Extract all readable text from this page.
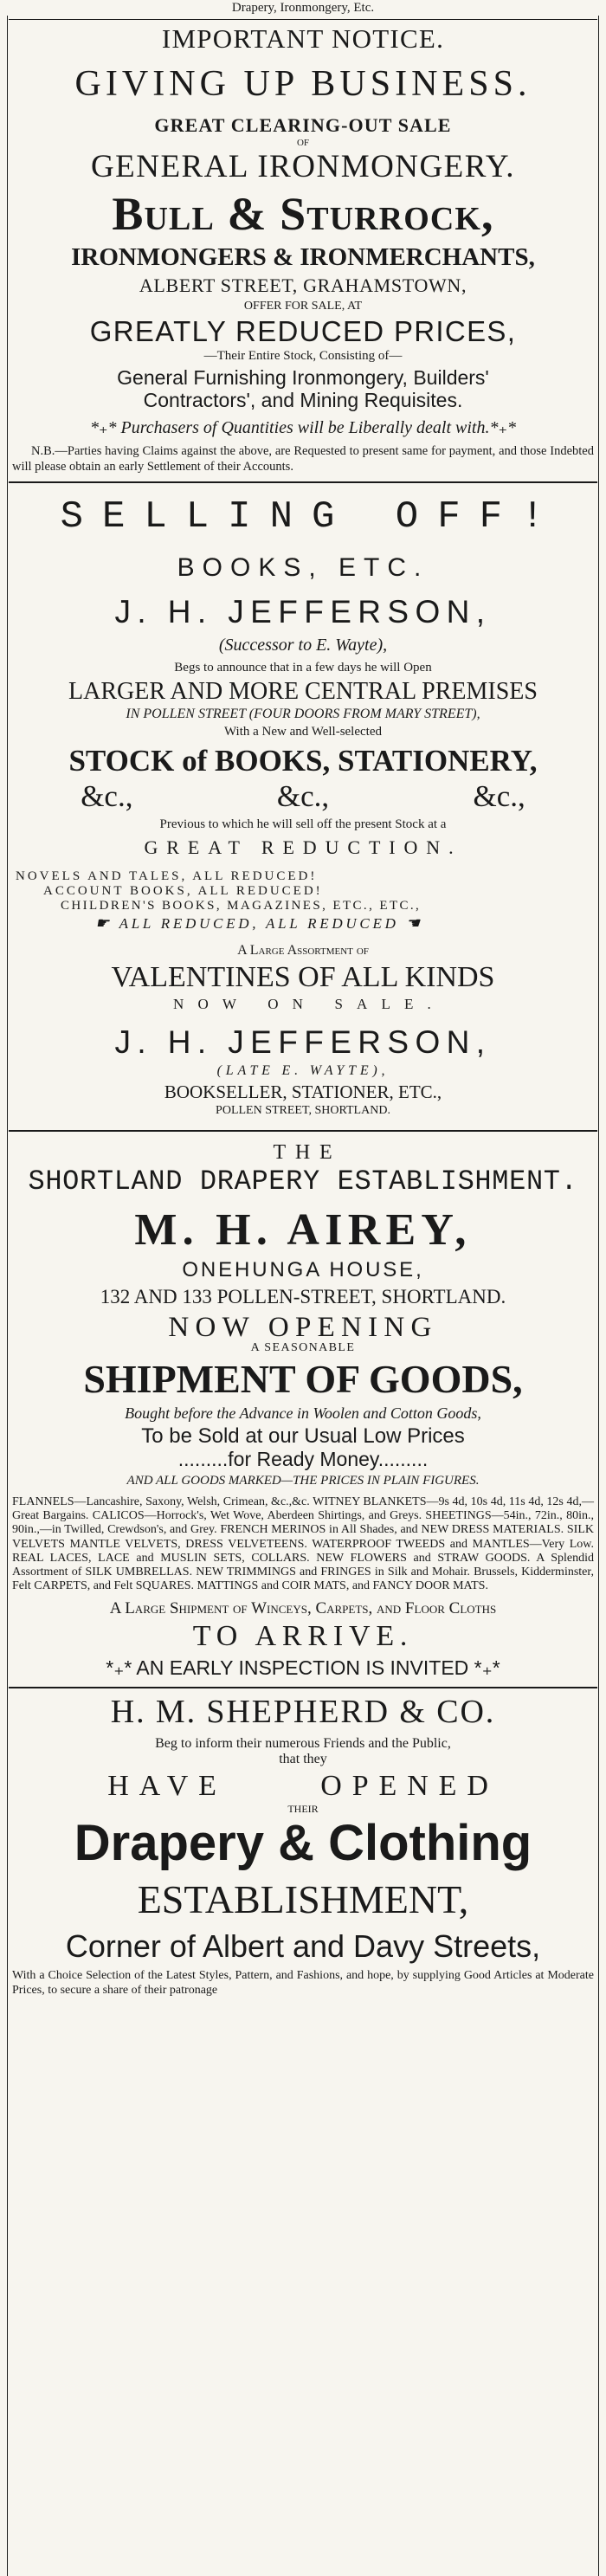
Drapery, Ironmongery, Etc.

IMPORTANT NOTICE.

GIVING UP BUSINESS.

GREAT CLEARING-OUT SALE

OF

GENERAL IRONMONGERY.

Bull & Sturrock,

IRONMONGERS & IRONMERCHANTS,

ALBERT STREET, GRAHAMSTOWN,

OFFER FOR SALE, AT

GREATLY REDUCED PRICES,

—Their Entire Stock, Consisting of—

General Furnishing Ironmongery, Builders'

Contractors', and Mining Requisites.

*₊* Purchasers of Quantities will be Liberally dealt with.*₊*

N.B.—Parties having Claims against the above, are Requested to present same for payment, and those Indebted will please obtain an early Settlement of their Accounts.

SELLING OFF!

BOOKS, ETC.

J. H. JEFFERSON,

(Successor to E. Wayte),

Begs to announce that in a few days he will Open

LARGER AND MORE CENTRAL PREMISES

IN POLLEN STREET (FOUR DOORS FROM MARY STREET),

With a New and Well-selected

STOCK of BOOKS, STATIONERY,

&c.,	&c.,	&c.,

Previous to which he will sell off the present Stock at a

GREAT REDUCTION.

NOVELS AND TALES, ALL REDUCED!

ACCOUNT BOOKS, ALL REDUCED!

CHILDREN'S BOOKS, MAGAZINES, ETC., ETC.,

☛ ALL REDUCED, ALL REDUCED ☚

A Large Assortment of

VALENTINES OF ALL KINDS

NOW ON SALE.

J. H. JEFFERSON,

(LATE E. WAYTE),

BOOKSELLER, STATIONER, ETC.,

POLLEN STREET, SHORTLAND.

THE

SHORTLAND DRAPERY ESTABLISHMENT.

M. H. AIREY,

ONEHUNGA HOUSE,

132 AND 133 POLLEN-STREET, SHORTLAND.

NOW OPENING

A SEASONABLE

SHIPMENT OF GOODS,

Bought before the Advance in Woolen and Cotton Goods,

To be Sold at our Usual Low Prices

.........for Ready Money.........

AND ALL GOODS MARKED—THE PRICES IN PLAIN FIGURES.

FLANNELS—Lancashire, Saxony, Welsh, Crimean, &c.,&c. WITNEY BLANKETS—9s 4d, 10s 4d, 11s 4d, 12s 4d,—Great Bargains. CALICOS—Horrock's, Wet Wove, Aberdeen Shirtings, and Greys. SHEETINGS—54in., 72in., 80in., 90in.,—in Twilled, Crewdson's, and Grey. FRENCH MERINOS in All Shades, and NEW DRESS MATERIALS. SILK VELVETS MANTLE VELVETS, DRESS VELVETEENS. WATERPROOF TWEEDS and MANTLES—Very Low. REAL LACES, LACE and MUSLIN SETS, COLLARS. NEW FLOWERS and STRAW GOODS. A Splendid Assortment of SILK UMBRELLAS. NEW TRIMMINGS and FRINGES in Silk and Mohair. Brussels, Kidderminster, Felt CARPETS, and Felt SQUARES. MATTINGS and COIR MATS, and FANCY DOOR MATS.

A Large Shipment of Winceys, Carpets, and Floor Cloths

TO ARRIVE.

*₊* AN EARLY INSPECTION IS INVITED *₊*

H. M. SHEPHERD & CO.

Beg to inform their numerous Friends and the Public,

that they

HAVE	OPENED

THEIR

Drapery & Clothing

ESTABLISHMENT,

Corner of Albert and Davy Streets,

With a Choice Selection of the Latest Styles, Pattern, and Fashions, and hope, by supplying Good Articles at Moderate Prices, to secure a share of their patronage
